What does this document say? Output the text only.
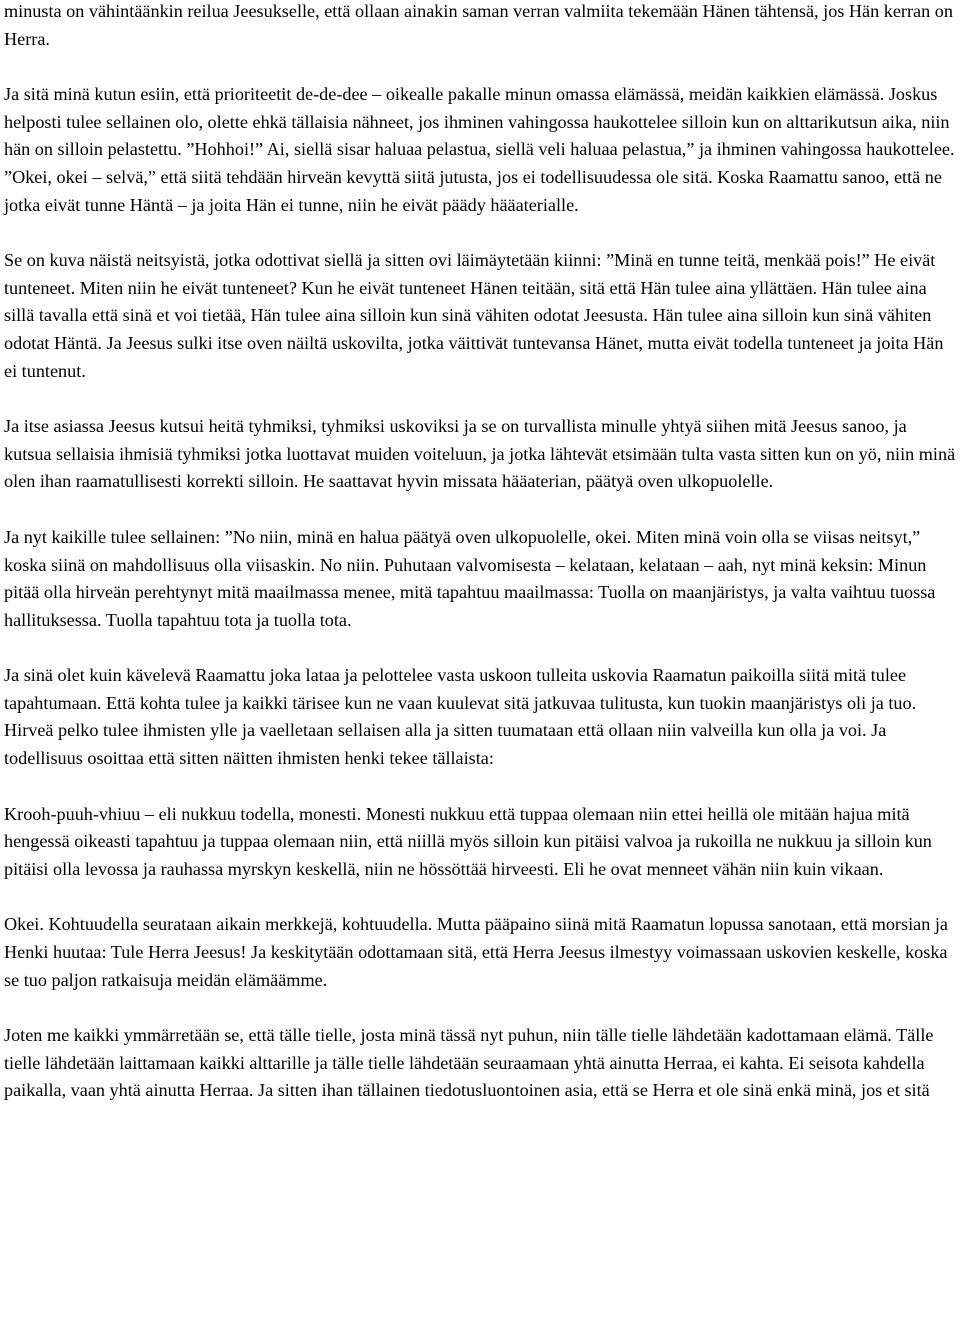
minusta on vähintäänkin reilua Jeesukselle, että ollaan ainakin saman verran valmiita tekemään Hänen tähtensä, jos Hän kerran on Herra.

Ja sitä minä kutun esiin, että prioriteetit de-de-dee – oikealle pakalle minun omassa elämässä, meidän kaikkien elämässä. Joskus helposti tulee sellainen olo, olette ehkä tällaisia nähneet, jos ihminen vahingossa haukottelee silloin kun on alttarikutsun aika, niin hän on silloin pelastettu. ”Hohhoi!” Ai, siellä sisar haluaa pelastua, siellä veli haluaa pelastua,” ja ihminen vahingossa haukottelee. ”Okei, okei – selvä,” että siitä tehdään hirveän kevyttä siitä jutusta, jos ei todellisuudessa ole sitä. Koska Raamattu sanoo, että ne jotka eivät tunne Häntä – ja joita Hän ei tunne, niin he eivät päädy hääaterialle.

Se on kuva näistä neitsyistä, jotka odottivat siellä ja sitten ovi läimäytetään kiinni: ”Minä en tunne teitä, menkää pois!” He eivät tunteneet. Miten niin he eivät tunteneet? Kun he eivät tunteneet Hänen teitään, sitä että Hän tulee aina yllättäen. Hän tulee aina sillä tavalla että sinä et voi tietää, Hän tulee aina silloin kun sinä vähiten odotat Jeesusta. Hän tulee aina silloin kun sinä vähiten odotat Häntä. Ja Jeesus sulki itse oven näiltä uskovilta, jotka väittivät tuntevansa Hänet, mutta eivät todella tunteneet ja joita Hän ei tuntenut.

Ja itse asiassa Jeesus kutsui heitä tyhmiksi, tyhmiksi uskoviksi ja se on turvallista minulle yhtyä siihen mitä Jeesus sanoo, ja kutsua sellaisia ihmisiä tyhmiksi jotka luottavat muiden voiteluun, ja jotka lähtevät etsimään tulta vasta sitten kun on yö, niin minä olen ihan raamatullisesti korrekti silloin. He saattavat hyvin missata hääaterian, päätyä oven ulkopuolelle.

Ja nyt kaikille tulee sellainen: ”No niin, minä en halua päätyä oven ulkopuolelle, okei. Miten minä voin olla se viisas neitsyt,” koska siinä on mahdollisuus olla viisaskin. No niin. Puhutaan valvomisesta – kelataan, kelataan – aah, nyt minä keksin: Minun pitää olla hirveän perehtynyt mitä maailmassa menee, mitä tapahtuu maailmassa: Tuolla on maanjäristys, ja valta vaihtuu tuossa hallituksessa. Tuolla tapahtuu tota ja tuolla tota.

Ja sinä olet kuin kävelevä Raamattu joka lataa ja pelottelee vasta uskoon tulleita uskovia Raamatun paikoilla siitä mitä tulee tapahtumaan. Että kohta tulee ja kaikki tärisee kun ne vaan kuulevat sitä jatkuvaa tulitusta, kun tuokin maanjäristys oli ja tuo. Hirveä pelko tulee ihmisten ylle ja vaelletaan sellaisen alla ja sitten tuumataan että ollaan niin valveilla kun olla ja voi. Ja todellisuus osoittaa että sitten näitten ihmisten henki tekee tällaista:

Krooh-puuh-vhiuu – eli nukkuu todella, monesti. Monesti nukkuu että tuppaa olemaan niin ettei heillä ole mitään hajua mitä hengessä oikeasti tapahtuu ja tuppaa olemaan niin, että niillä myös silloin kun pitäisi valvoa ja rukoilla ne nukkuu ja silloin kun pitäisi olla levossa ja rauhassa myrskyn keskellä, niin ne hössöttää hirveesti. Eli he ovat menneet vähän niin kuin vikaan.

Okei. Kohtuudella seurataan aikain merkkejä, kohtuudella. Mutta pääpaino siinä mitä Raamatun lopussa sanotaan, että morsian ja Henki huutaa: Tule Herra Jeesus! Ja keskitytään odottamaan sitä, että Herra Jeesus ilmestyy voimassaan uskovien keskelle, koska se tuo paljon ratkaisuja meidän elämäämme.

Joten me kaikki ymmärretään se, että tälle tielle, josta minä tässä nyt puhun, niin tälle tielle lähdetään kadottamaan elämä. Tälle tielle lähdetään laittamaan kaikki alttarille ja tälle tielle lähdetään seuraamaan yhtä ainutta Herraa, ei kahta. Ei seisota kahdella paikalla, vaan yhtä ainutta Herraa. Ja sitten ihan tällainen tiedotusluontoinen asia, että se Herra et ole sinä enkä minä, jos et sitä
